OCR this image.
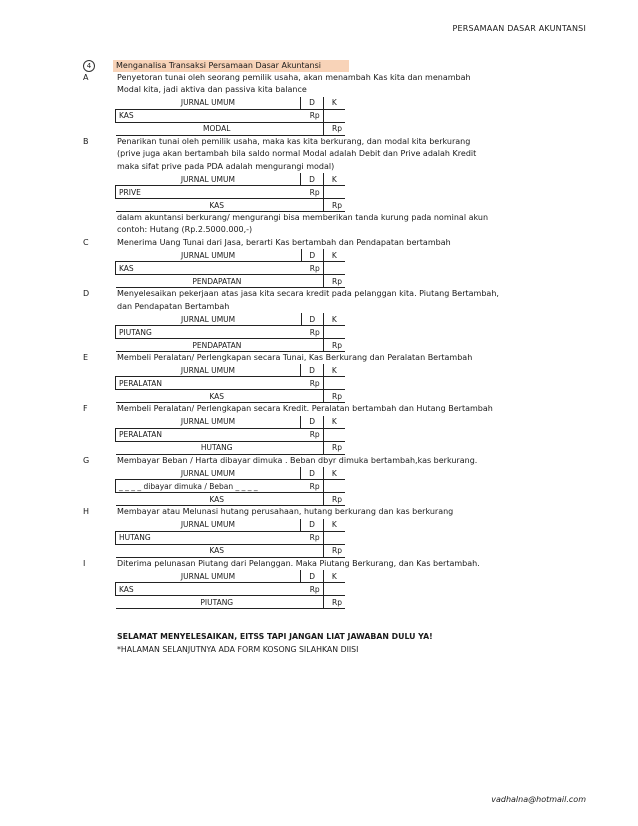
PERSAMAAN DASAR AKUNTANSI
4	Menganalisa Transaksi Persamaan Dasar Akuntansi
A	Penyetoran tunai oleh seorang pemilik usaha, akan menambah Kas kita dan menambah
Modal kita, jadi aktiva dan passiva kita balance
JURNAL UMUM	D	K
KAS	Rp	
MODAL		Rp
B	Penarikan tunai oleh pemilik usaha, maka kas kita berkurang, dan modal kita berkurang
(prive juga akan bertambah bila saldo normal Modal adalah Debit dan Prive adalah Kredit
maka sifat prive pada PDA adalah mengurangi modal)
JURNAL UMUM	D	K
PRIVE	Rp	
KAS		Rp
dalam akuntansi berkurang/ mengurangi bisa memberikan tanda kurung pada nominal akun
contoh: Hutang (Rp.2.5000.000,-)
C	Menerima Uang Tunai dari Jasa, berarti Kas bertambah dan Pendapatan bertambah
JURNAL UMUM	D	K
KAS	Rp	
PENDAPATAN		Rp
D	Menyelesaikan pekerjaan atas jasa kita secara kredit pada pelanggan kita. Piutang Bertambah,
dan Pendapatan Bertambah
JURNAL UMUM	D	K
PIUTANG	Rp	
PENDAPATAN		Rp
E	Membeli Peralatan/ Perlengkapan secara Tunai, Kas Berkurang dan Peralatan Bertambah
JURNAL UMUM	D	K
PERALATAN	Rp	
KAS		Rp
F	Membeli Peralatan/ Perlengkapan secara Kredit. Peralatan bertambah dan Hutang Bertambah
JURNAL UMUM	D	K
PERALATAN	Rp	
HUTANG		Rp
G	Membayar Beban / Harta dibayar dimuka . Beban dbyr dimuka bertambah,kas berkurang.
JURNAL UMUM	D	K
_ _ _ _ dibayar dimuka / Beban _ _ _ _	Rp	
KAS		Rp
H	Membayar atau Melunasi hutang perusahaan, hutang berkurang dan kas berkurang
JURNAL UMUM	D	K
HUTANG	Rp	
KAS		Rp
I	Diterima pelunasan Piutang dari Pelanggan. Maka Piutang Berkurang, dan Kas bertambah.
JURNAL UMUM	D	K
KAS	Rp	
PIUTANG		Rp
SELAMAT MENYELESAIKAN, EITSS TAPI JANGAN LIAT JAWABAN DULU YA!
*HALAMAN SELANJUTNYA ADA FORM KOSONG SILAHKAN DIISI
vadhalna@hotmail.com
